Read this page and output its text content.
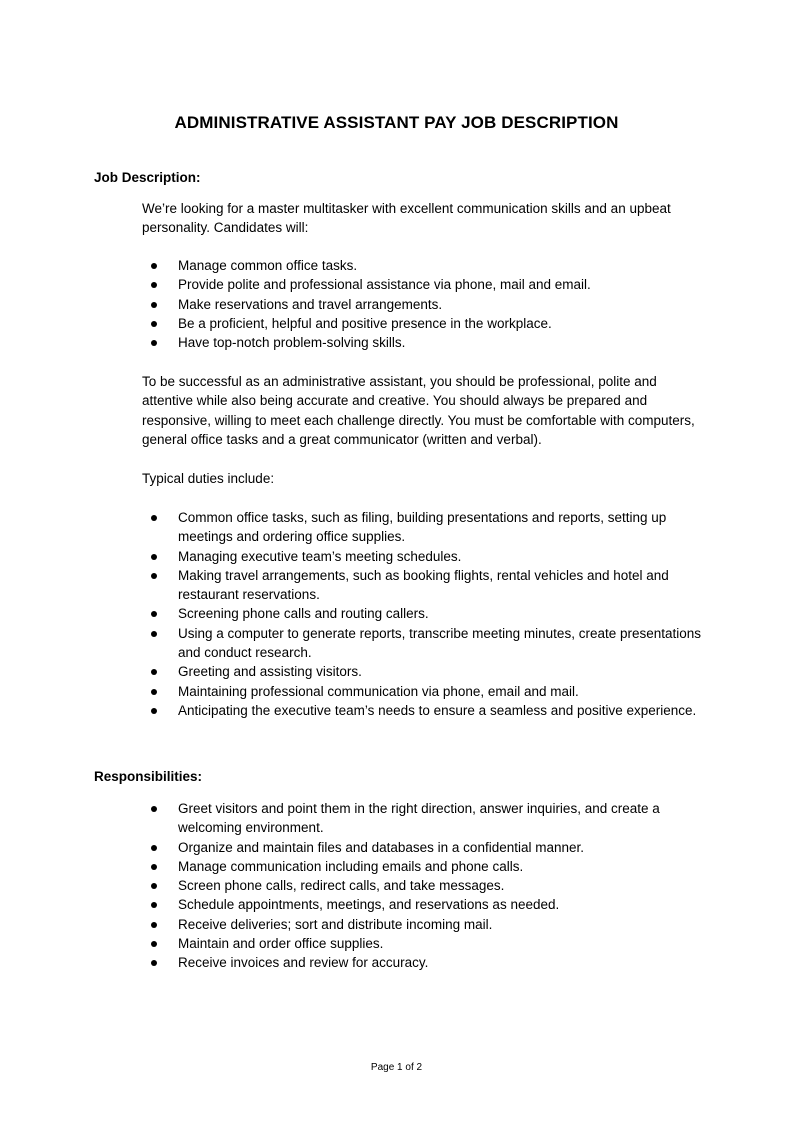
ADMINISTRATIVE ASSISTANT PAY JOB DESCRIPTION
Job Description:
We’re looking for a master multitasker with excellent communication skills and an upbeat personality. Candidates will:
Manage common office tasks.
Provide polite and professional assistance via phone, mail and email.
Make reservations and travel arrangements.
Be a proficient, helpful and positive presence in the workplace.
Have top-notch problem-solving skills.
To be successful as an administrative assistant, you should be professional, polite and attentive while also being accurate and creative. You should always be prepared and responsive, willing to meet each challenge directly. You must be comfortable with computers, general office tasks and a great communicator (written and verbal).
Typical duties include:
Common office tasks, such as filing, building presentations and reports, setting up meetings and ordering office supplies.
Managing executive team’s meeting schedules.
Making travel arrangements, such as booking flights, rental vehicles and hotel and restaurant reservations.
Screening phone calls and routing callers.
Using a computer to generate reports, transcribe meeting minutes, create presentations and conduct research.
Greeting and assisting visitors.
Maintaining professional communication via phone, email and mail.
Anticipating the executive team’s needs to ensure a seamless and positive experience.
Responsibilities:
Greet visitors and point them in the right direction, answer inquiries, and create a welcoming environment.
Organize and maintain files and databases in a confidential manner.
Manage communication including emails and phone calls.
Screen phone calls, redirect calls, and take messages.
Schedule appointments, meetings, and reservations as needed.
Receive deliveries; sort and distribute incoming mail.
Maintain and order office supplies.
Receive invoices and review for accuracy.
Page 1 of 2
